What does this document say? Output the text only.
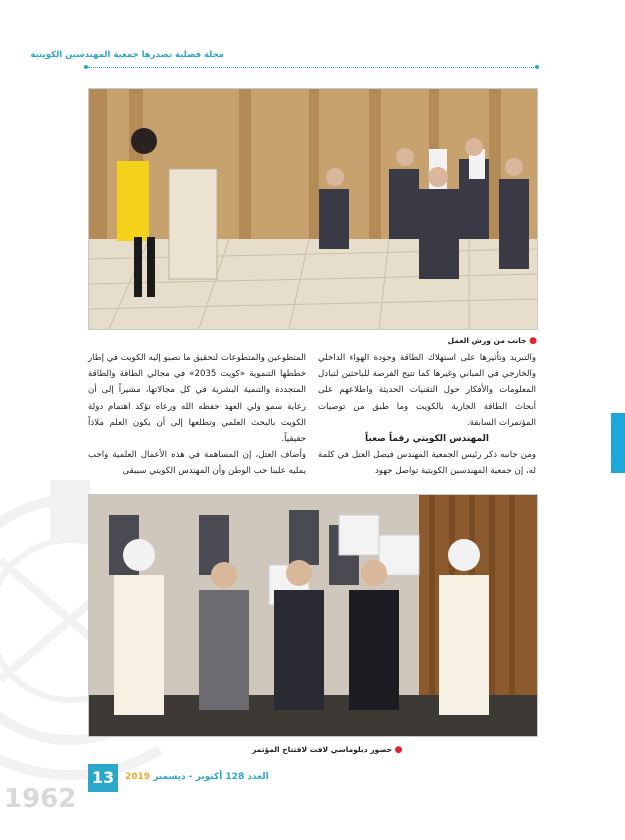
1962
مجلة فصلية تصدرها جمعية المهندسين الكويتية
● جانب من ورش العمل

والتبريد وتأثيرها على استهلاك الطاقة وجودة الهواء الداخلي والخارجي في المباني وغيرها كما تتيح الفرصة للباحثين لتبادل المعلومات والأفكار حول التقنيات الحديثة واطلاعهم على أبحاث الطاقة الجارية بالكويت وما طبق من توصيات المؤتمرات السابقة.

المهندس الكويتي رقماً صعباً

ومن جانبه ذكر رئيس الجمعية المهندس فيصل العتل في كلمة له، إن جمعية المهندسين الكويتية تواصل جهود

المتطوعين والمتطوعات لتحقيق ما تصبو إليه الكويت في إطار خططها التنموية «كويت 2035» في مجالي الطاقة والطاقة المتجددة والتنمية البشرية في كل مجالاتها، مشيراً إلى أن رعاية سمو ولي العهد حفظه الله ورعاه تؤكد اهتمام دولة الكويت بالبحث العلمي وتطلعها إلى أن يكون العلم ملاذاً حقيقياً.

وأضاف العتل، إن المساهمة في هذه الأعمال العلمية واجب يمليه علينا حب الوطن وأن المهندس الكويتي سيبقى

● حضور دبلوماسي لافت لافتتاح المؤتمر
13	العدد 128 أكتوبر - ديسمبر 2019
